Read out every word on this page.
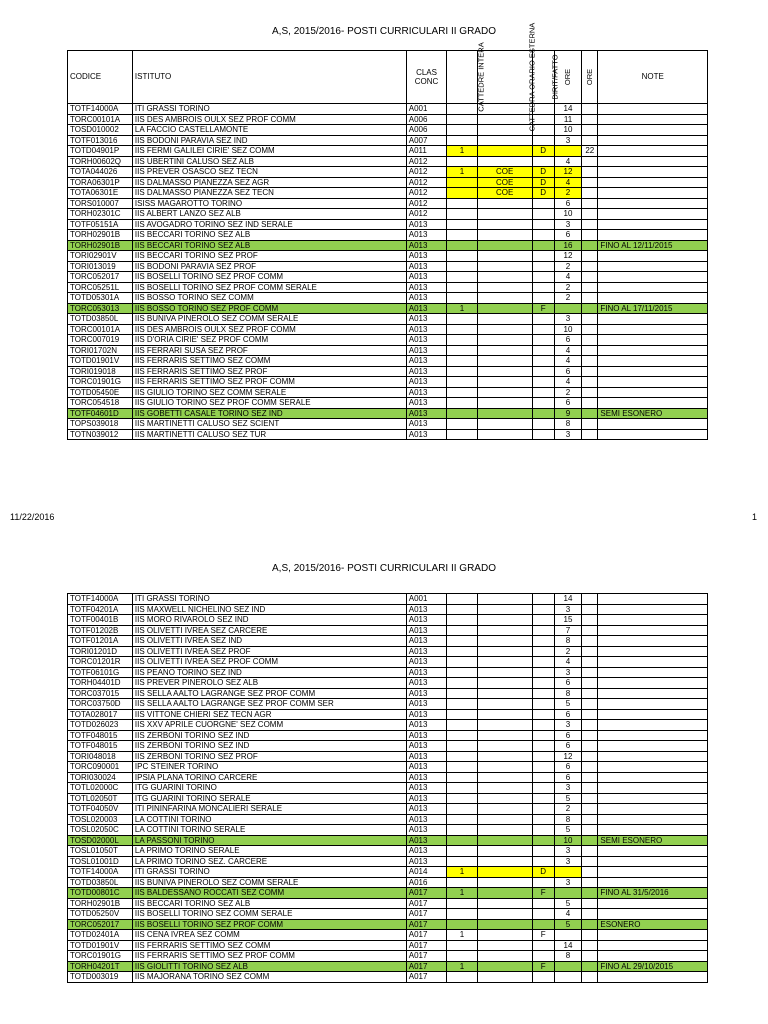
A,S, 2015/2016- POSTI CURRICULARI II GRADO
CODICE	ISTITUTO	CLAS
CONC	CATTEDRE INTERA	CATTEDRA ORARIO ESTERNA	DIRIT/FATTO	ORE	ORE	NOTE
TOTF14000A	ITI GRASSI TORINO	A001				14		
TORC00101A	IIS DES AMBROIS OULX SEZ PROF COMM	A006				11		
TOSD010002	LA FACCIO CASTELLAMONTE	A006				10		
TOTF013016	IIS BODONI PARAVIA SEZ IND	A007				3		
TOTD04901P	IIS FERMI GALILEI CIRIE' SEZ COMM	A011	1		D		22	
TORH00602Q	IIS UBERTINI CALUSO SEZ ALB	A012				4		
TOTA044026	IIS PREVER OSASCO SEZ TECN	A012	1	COE	D	12		
TORA06301P	IIS DALMASSO PIANEZZA SEZ AGR	A012		COE	D	4		
TOTA06301E	IIS DALMASSO PIANEZZA SEZ TECN	A012		COE	D	2		
TORS010007	ISISS MAGAROTTO TORINO	A012				6		
TORH02301C	IIS ALBERT LANZO SEZ ALB	A012				10		
TOTF05151A	IIS AVOGADRO TORINO SEZ IND SERALE	A013				3		
TORH02901B	IIS BECCARI TORINO SEZ ALB	A013				6		
TORH02901B	IIS BECCARI TORINO SEZ ALB	A013				16		FINO AL 12/11/2015
TORI02901V	IIS BECCARI TORINO SEZ PROF	A013				12		
TORI013019	IIS BODONI PARAVIA SEZ PROF	A013				2		
TORC052017	IIS BOSELLI TORINO SEZ PROF COMM	A013				4		
TORC05251L	IIS BOSELLI TORINO SEZ PROF COMM SERALE	A013				2		
TOTD05301A	IIS BOSSO TORINO SEZ COMM	A013				2		
TORC053013	IIS BOSSO TORINO SEZ PROF COMM	A013	1		F			FINO AL 17/11/2015
TOTD03850L	IIS BUNIVA PINEROLO SEZ COMM SERALE	A013				3		
TORC00101A	IIS DES AMBROIS OULX SEZ PROF COMM	A013				10		
TORC007019	IIS D'ORIA CIRIE' SEZ PROF COMM	A013				6		
TORI01702N	IIS FERRARI SUSA SEZ PROF	A013				4		
TOTD01901V	IIS FERRARIS SETTIMO SEZ COMM	A013				4		
TORI019018	IIS FERRARIS SETTIMO SEZ PROF	A013				6		
TORC01901G	IIS FERRARIS SETTIMO SEZ PROF COMM	A013				4		
TOTD05450E	IIS GIULIO TORINO SEZ COMM SERALE	A013				2		
TORC054518	IIS GIULIO TORINO SEZ PROF COMM SERALE	A013				6		
TOTF04601D	IIS GOBETTI CASALE TORINO SEZ IND	A013				9		SEMI ESONERO
TOPS039018	IIS MARTINETTI CALUSO SEZ SCIENT	A013				8		
TOTN039012	IIS MARTINETTI CALUSO SEZ TUR	A013				3		
11/22/2016	1
A,S, 2015/2016- POSTI CURRICULARI II GRADO
TOTF14000A	ITI GRASSI TORINO	A001				14		
TOTF04201A	IIS MAXWELL NICHELINO SEZ IND	A013				3		
TOTF00401B	IIS MORO RIVAROLO SEZ IND	A013				15		
TOTF01202B	IIS OLIVETTI IVREA SEZ CARCERE	A013				7		
TOTF01201A	IIS OLIVETTI IVREA SEZ IND	A013				8		
TORI01201D	IIS OLIVETTI IVREA SEZ PROF	A013				2		
TORC01201R	IIS OLIVETTI IVREA SEZ PROF COMM	A013				4		
TOTF06101G	IIS PEANO TORINO SEZ IND	A013				3		
TORH04401D	IIS PREVER PINEROLO SEZ ALB	A013				6		
TORC037015	IIS SELLA AALTO LAGRANGE SEZ PROF COMM	A013				8		
TORC03750D	IIS SELLA AALTO LAGRANGE SEZ PROF COMM SER	A013				5		
TOTA028017	IIS VITTONE CHIERI SEZ TECN AGR	A013				6		
TOTD026023	IIS XXV APRILE CUORGNE' SEZ COMM	A013				3		
TOTF048015	IIS ZERBONI TORINO SEZ IND	A013				6		
TOTF048015	IIS ZERBONI TORINO SEZ IND	A013				6		
TORI048018	IIS ZERBONI TORINO SEZ PROF	A013				12		
TORC090001	IPC STEINER TORINO	A013				6		
TORI030024	IPSIA PLANA TORINO CARCERE	A013				6		
TOTL02000C	ITG GUARINI TORINO	A013				3		
TOTL02050T	ITG GUARINI TORINO SERALE	A013				5		
TOTF04050V	ITI PININFARINA MONCALIERI SERALE	A013				2		
TOSL020003	LA COTTINI TORINO	A013				8		
TOSL02050C	LA COTTINI TORINO SERALE	A013				5		
TOSD02000L	LA PASSONI TORINO	A013				10		SEMI ESONERO
TOSL01050T	LA PRIMO TORINO SERALE	A013				3		
TOSL01001D	LA PRIMO TORINO SEZ. CARCERE	A013				3		
TOTF14000A	ITI GRASSI TORINO	A014	1		D			
TOTD03850L	IIS BUNIVA PINEROLO SEZ COMM SERALE	A016				3		
TOTD00801C	IIS BALDESSANO ROCCATI SEZ COMM	A017	1		F			FINO AL 31/5/2016
TORH02901B	IIS BECCARI TORINO SEZ ALB	A017				5		
TOTD05250V	IIS BOSELLI TORINO SEZ COMM SERALE	A017				4		
TORC052017	IIS BOSELLI TORINO SEZ PROF COMM	A017				5		ESONERO
TOTD02401A	IIS CENA IVREA SEZ COMM	A017	1		F			
TOTD01901V	IIS FERRARIS SETTIMO SEZ COMM	A017				14		
TORC01901G	IIS FERRARIS SETTIMO SEZ PROF COMM	A017				8		
TORH04201T	IIS GIOLITTI TORINO SEZ ALB	A017	1		F			FINO AL 29/10/2015
TOTD003019	IIS MAJORANA TORINO SEZ COMM	A017						
